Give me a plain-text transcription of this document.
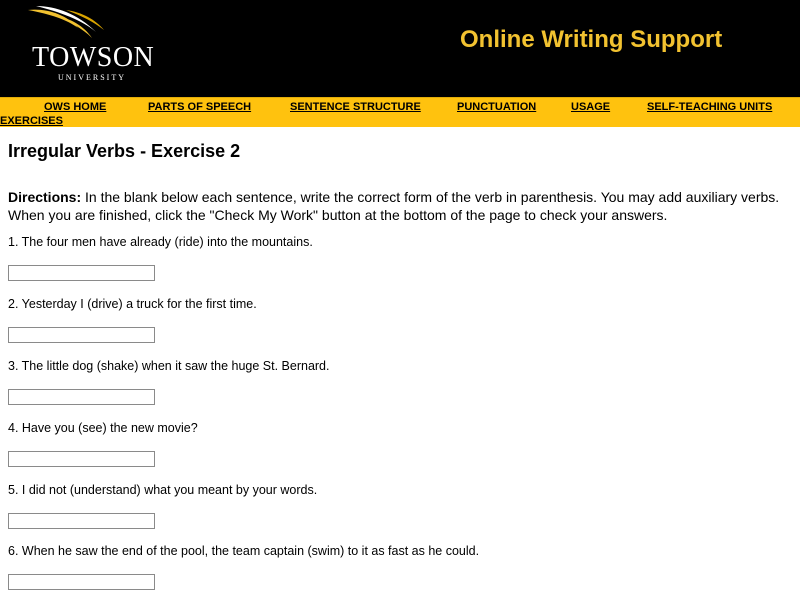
TOWSON
UNIVERSITY
Online Writing Support
OWS HOME	PARTS OF SPEECH	SENTENCE STRUCTURE	PUNCTUATION	USAGE	SELF-TEACHING UNITS
EXERCISES
Irregular Verbs - Exercise 2

Directions: In the blank below each sentence, write the correct form of the verb in parenthesis. You may add auxiliary verbs. When you are finished, click the "Check My Work" button at the bottom of the page to check your answers.

1. The four men have already (ride) into the mountains.

2. Yesterday I (drive) a truck for the first time.

3. The little dog (shake) when it saw the huge St. Bernard.

4. Have you (see) the new movie?

5. I did not (understand) what you meant by your words.

6. When he saw the end of the pool, the team captain (swim) to it as fast as he could.
